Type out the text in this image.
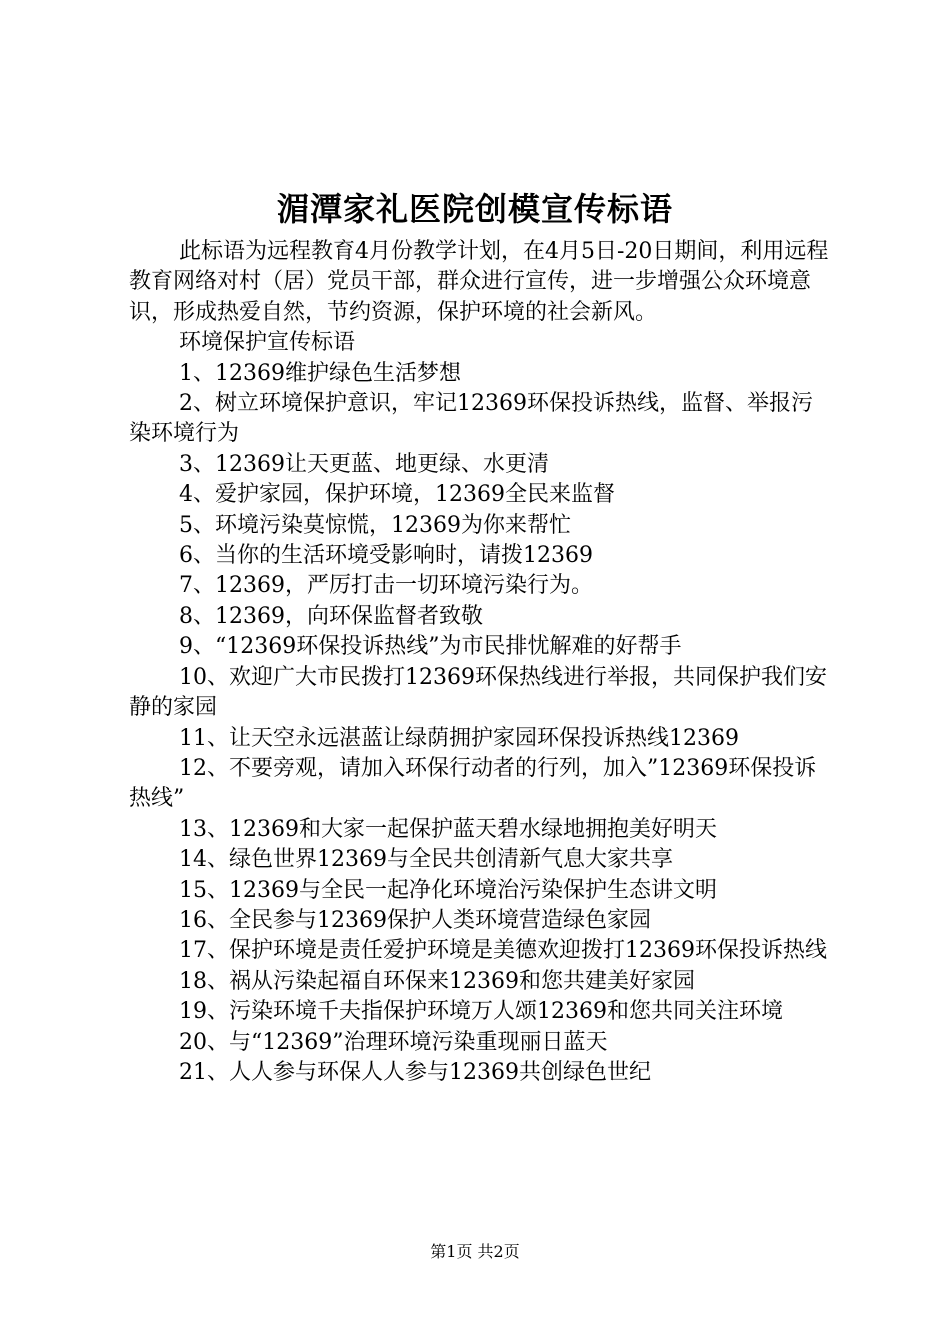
湄潭家礼医院创模宣传标语

此标语为远程教育4月份教学计划，在4月5日-20日期间，利用远程教育网络对村（居）党员干部，群众进行宣传，进一步增强公众环境意识，形成热爱自然，节约资源，保护环境的社会新风。

环境保护宣传标语

1、12369维护绿色生活梦想

2、树立环境保护意识，牢记12369环保投诉热线，监督、举报污染环境行为

3、12369让天更蓝、地更绿、水更清

4、爱护家园，保护环境，12369全民来监督

5、环境污染莫惊慌，12369为你来帮忙

6、当你的生活环境受影响时，请拨12369

7、12369，严厉打击一切环境污染行为。

8、12369，向环保监督者致敬

9、“12369环保投诉热线”为市民排忧解难的好帮手

10、欢迎广大市民拨打12369环保热线进行举报，共同保护我们安静的家园

11、让天空永远湛蓝让绿荫拥护家园环保投诉热线12369

12、不要旁观，请加入环保行动者的行列，加入”12369环保投诉热线”

13、12369和大家一起保护蓝天碧水绿地拥抱美好明天

14、绿色世界12369与全民共创清新气息大家共享

15、12369与全民一起净化环境治污染保护生态讲文明

16、全民参与12369保护人类环境营造绿色家园

17、保护环境是责任爱护环境是美德欢迎拨打12369环保投诉热线

18、祸从污染起福自环保来12369和您共建美好家园

19、污染环境千夫指保护环境万人颂12369和您共同关注环境

20、与“12369”治理环境污染重现丽日蓝天

21、人人参与环保人人参与12369共创绿色世纪

第1页 共2页
